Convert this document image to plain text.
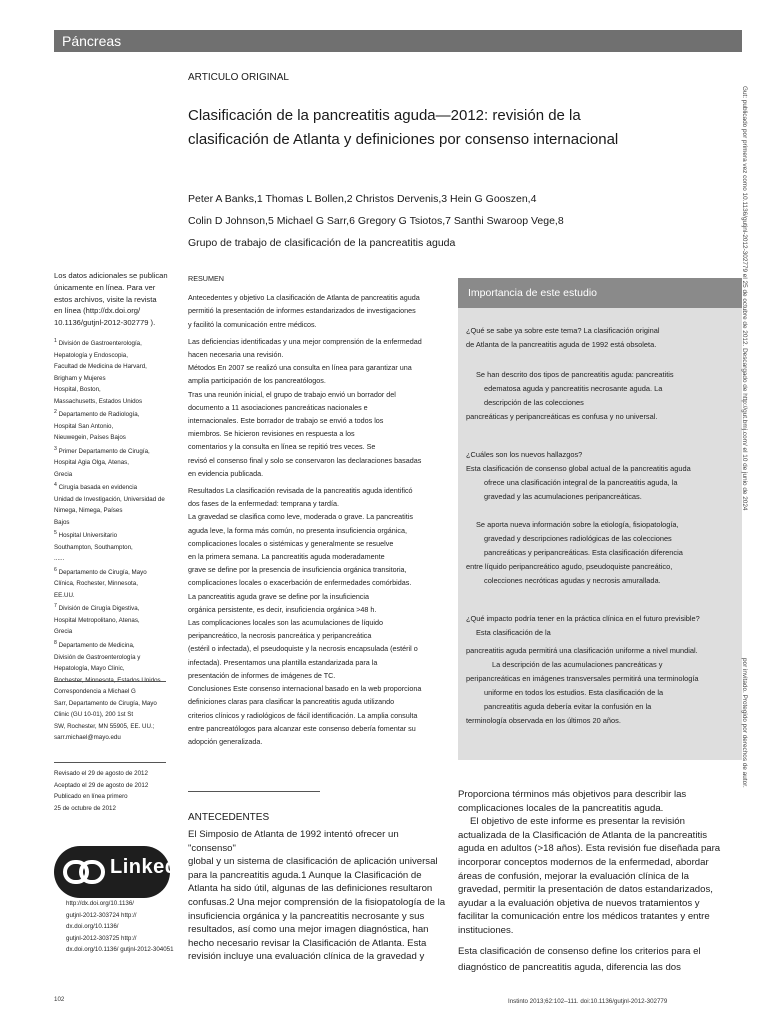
Páncreas
ARTICULO ORIGINAL
Clasificación de la pancreatitis aguda—2012: revisión de la
clasificación de Atlanta y definiciones por consenso internacional
Peter A Banks,1 Thomas L Bollen,2 Christos Dervenis,3 Hein G Gooszen,4
Colin D Johnson,5 Michael G Sarr,6 Gregory G Tsiotos,7 Santhi Swaroop Vege,8
Grupo de trabajo de clasificación de la pancreatitis aguda
Los datos adicionales se publican
únicamente en línea. Para ver
estos archivos, visite la revista
en línea (http://dx.doi.org/
10.1136/gutjnl-2012-302779 ).
$^1$ División de Gastroenterología,
Hepatología y Endoscopia,
Facultad de Medicina de Harvard,
Brigham y Mujeres
Hospital, Boston,
Massachusetts, Estados Unidos
$^2$ Departamento de Radiología,
Hospital San Antonio,
Nieuwegein, Países Bajos
$^3$ Primer Departamento de Cirugía,
Hospital Agia Olga, Atenas,
Grecia
$^4$ Cirugía basada en evidencia
Unidad de Investigación, Universidad de
Nimega, Nimega, Países
Bajos
$^5$ Hospital Universitario
Southampton, Southampton,
......
$^6$ Departamento de Cirugía, Mayo
Clínica, Rochester, Minnesota,
EE.UU.
$^7$ División de Cirugía Digestiva,
Hospital Metropolitano, Atenas,
Grecia
$^8$ Departamento de Medicina,
División de Gastroenterología y
Hepatología, Mayo Clinic,
Rochester, Minnesota, Estados Unidos
Correspondencia a Michael G
Sarr, Departamento de Cirugía, Mayo
Clinic (GU 10-01), 200 1st St
SW, Rochester, MN 55905, EE. UU.;
sarr.michael@mayo.edu
Revisado el 29 de agosto de 2012
Aceptado el 29 de agosto de 2012
Publicado en línea primero
25 de octubre de 2012
Linked
http://dx.doi.org/10.1136/
gutjnl-2012-303724 http://
dx.doi.org/10.1136/
gutjnl-2012-303725 http://
dx.doi.org/10.1136/ gutjnl-2012-304051
RESUMEN

Antecedentes y objetivo La clasificación de Atlanta de pancreatitis aguda
permitió la presentación de informes estandarizados de investigaciones
y facilitó la comunicación entre médicos.

Las deficiencias identificadas y una mejor comprensión de la enfermedad
hacen necesaria una revisión.
Métodos En 2007 se realizó una consulta en línea para garantizar una
amplia participación de los pancreatólogos.
Tras una reunión inicial, el grupo de trabajo envió un borrador del
documento a 11 asociaciones pancreáticas nacionales e
internacionales. Este borrador de trabajo se envió a todos los
miembros. Se hicieron revisiones en respuesta a los
comentarios y la consulta en línea se repitió tres veces. Se
revisó el consenso final y solo se conservaron las declaraciones basadas
en evidencia publicada.

Resultados La clasificación revisada de la pancreatitis aguda identificó
dos fases de la enfermedad: temprana y tardía.
La gravedad se clasifica como leve, moderada o grave. La pancreatitis
aguda leve, la forma más común, no presenta insuficiencia orgánica,
complicaciones locales o sistémicas y generalmente se resuelve
en la primera semana. La pancreatitis aguda moderadamente
grave se define por la presencia de insuficiencia orgánica transitoria,
complicaciones locales o exacerbación de enfermedades comórbidas.
La pancreatitis aguda grave se define por la insuficiencia
orgánica persistente, es decir, insuficiencia orgánica >48 h.
Las complicaciones locales son las acumulaciones de líquido
peripancreático, la necrosis pancreática y peripancreática
(estéril o infectada), el pseudoquiste y la necrosis encapsulada (estéril o
infectada). Presentamos una plantilla estandarizada para la
presentación de informes de imágenes de TC.
Conclusiones Este consenso internacional basado en la web proporciona
definiciones claras para clasificar la pancreatitis aguda utilizando
criterios clínicos y radiológicos de fácil identificación. La amplia consulta
entre pancreatólogos para alcanzar este consenso debería fomentar su
adopción generalizada.

Importancia de este estudio
¿Qué se sabe ya sobre este tema? La clasificación original
de Atlanta de la pancreatitis aguda de 1992 está obsoleta.
Se han descrito dos tipos de pancreatitis aguda: pancreatitis
edematosa aguda y pancreatitis necrosante aguda. La
descripción de las colecciones
pancreáticas y peripancreáticas es confusa y no universal.
¿Cuáles son los nuevos hallazgos?
Esta clasificación de consenso global actual de la pancreatitis aguda
ofrece una clasificación integral de la pancreatitis aguda, la
gravedad y las acumulaciones peripancreáticas.
Se aporta nueva información sobre la etiología, fisiopatología,
gravedad y descripciones radiológicas de las colecciones
pancreáticas y peripancreáticas. Esta clasificación diferencia
entre líquido peripancreático agudo, pseudoquiste pancreático,
colecciones necróticas agudas y necrosis amurallada.
¿Qué impacto podría tener en la práctica clínica en el futuro previsible?
Esta clasificación de la
pancreatitis aguda permitirá una clasificación uniforme a nivel mundial.
La descripción de las acumulaciones pancreáticas y
peripancreáticas en imágenes transversales permitirá una terminología
uniforme en todos los estudios. Esta clasificación de la
pancreatitis aguda debería evitar la confusión en la
terminología observada en los últimos 20 años.
ANTECEDENTES
El Simposio de Atlanta de 1992 intentó ofrecer un "consenso"
global y un sistema de clasificación de aplicación universal
para la pancreatitis aguda.1 Aunque la Clasificación de
Atlanta ha sido útil, algunas de las definiciones resultaron
confusas.2 Una mejor comprensión de la fisiopatología de la
insuficiencia orgánica y la pancreatitis necrosante y sus
resultados, así como una mejor imagen diagnóstica, han
hecho necesario revisar la Clasificación de Atlanta. Esta
revisión incluye una evaluación clínica de la gravedad y
Proporciona términos más objetivos para describir las
complicaciones locales de la pancreatitis aguda.
El objetivo de este informe es presentar la revisión
actualizada de la Clasificación de Atlanta de la pancreatitis
aguda en adultos (>18 años). Esta revisión fue diseñada para
incorporar conceptos modernos de la enfermedad, abordar
áreas de confusión, mejorar la evaluación clínica de la
gravedad, permitir la presentación de datos estandarizados,
ayudar a la evaluación objetiva de nuevos tratamientos y
facilitar la comunicación entre los médicos tratantes y entre
instituciones.
Esta clasificación de consenso define los criterios para el
diagnóstico de pancreatitis aguda, diferencia las dos
Gut: publicado por primera vez como 10.1136/gutjnl-2012-302779 el 25 de octubre de 2012. Descargado de http://gut.bmj.com/ el 10 de junio de 2024
por invitado. Protegido por derechos de autor.
102	Instinto 2013;62:102–111. doi:10.1136/gutjnl-2012-302779
